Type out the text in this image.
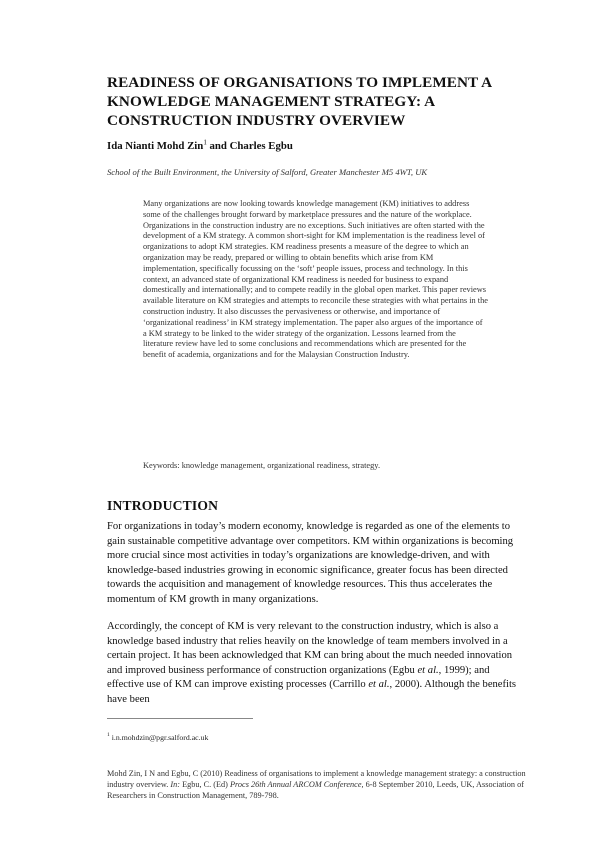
READINESS OF ORGANISATIONS TO IMPLEMENT A KNOWLEDGE MANAGEMENT STRATEGY: A CONSTRUCTION INDUSTRY OVERVIEW
Ida Nianti Mohd Zin$^1$ and Charles Egbu
School of the Built Environment, the University of Salford, Greater Manchester M5 4WT, UK

Many organizations are now looking towards knowledge management (KM) initiatives to address some of the challenges brought forward by marketplace pressures and the nature of the workplace. Organizations in the construction industry are no exceptions. Such initiatives are often started with the development of a KM strategy. A common short-sight for KM implementation is the readiness level of organizations to adopt KM strategies. KM readiness presents a measure of the degree to which an organization may be ready, prepared or willing to obtain benefits which arise from KM implementation, specifically focussing on the ‘soft’ people issues, process and technology. In this context, an advanced state of organizational KM readiness is needed for business to expand domestically and internationally; and to compete readily in the global open market. This paper reviews available literature on KM strategies and attempts to reconcile these strategies with what pertains in the construction industry. It also discusses the pervasiveness or otherwise, and importance of ‘organizational readiness’ in KM strategy implementation. The paper also argues of the importance of a KM strategy to be linked to the wider strategy of the organization. Lessons learned from the literature review have led to some conclusions and recommendations which are presented for the benefit of academia, organizations and for the Malaysian Construction Industry.

Keywords: knowledge management, organizational readiness, strategy.
INTRODUCTION

For organizations in today’s modern economy, knowledge is regarded as one of the elements to gain sustainable competitive advantage over competitors. KM within organizations is becoming more crucial since most activities in today’s organizations are knowledge-driven, and with knowledge-based industries growing in economic significance, greater focus has been directed towards the acquisition and management of knowledge resources. This thus accelerates the momentum of KM growth in many organizations.

Accordingly, the concept of KM is very relevant to the construction industry, which is also a knowledge based industry that relies heavily on the knowledge of team members involved in a certain project. It has been acknowledged that KM can bring about the much needed innovation and improved business performance of construction organizations (Egbu et al., 1999); and effective use of KM can improve existing processes (Carrillo et al., 2000). Although the benefits have been

$^1$ i.n.mohdzin@pgr.salford.ac.uk

Mohd Zin, I N and Egbu, C (2010) Readiness of organisations to implement a knowledge management strategy: a construction industry overview. In: Egbu, C. (Ed) Procs 26th Annual ARCOM Conference, 6-8 September 2010, Leeds, UK, Association of Researchers in Construction Management, 789-798.
